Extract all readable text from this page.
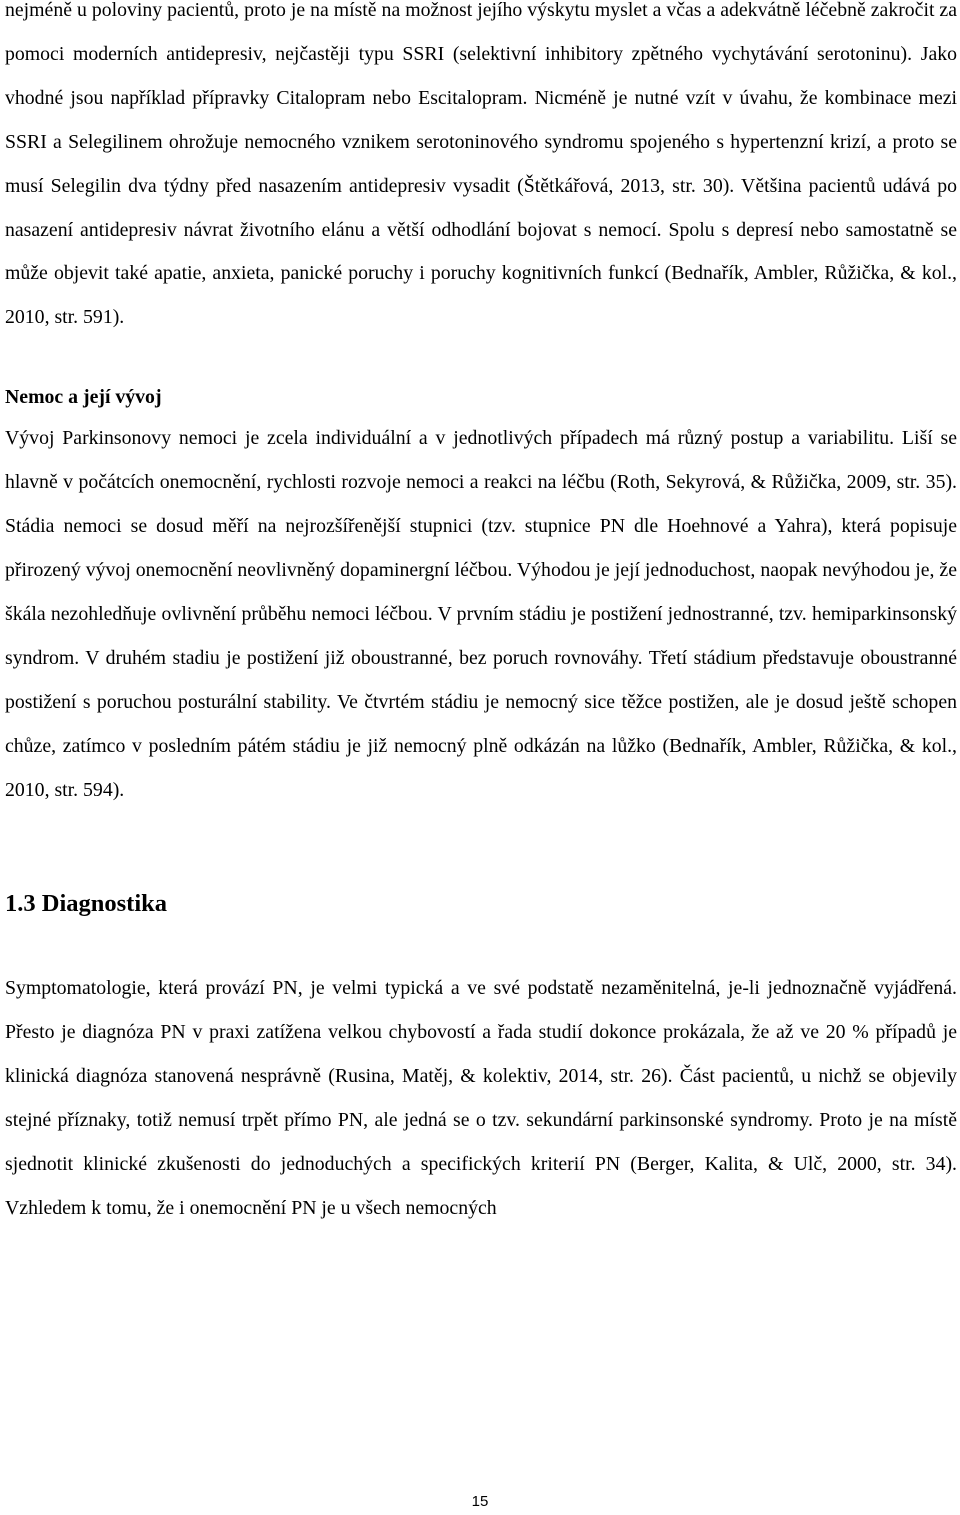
nejméně u poloviny pacientů, proto je na místě na možnost jejího výskytu myslet a včas a adekvátně léčebně zakročit za pomoci moderních antidepresiv, nejčastěji typu SSRI (selektivní inhibitory zpětného vychytávání serotoninu). Jako vhodné jsou například přípravky Citalopram nebo Escitalopram. Nicméně je nutné vzít v úvahu, že kombinace mezi SSRI a Selegilinem ohrožuje nemocného vznikem serotoninového syndromu spojeného s hypertenzní krizí, a proto se musí Selegilin dva týdny před nasazením antidepresiv vysadit (Štětkářová, 2013, str. 30). Většina pacientů udává po nasazení antidepresiv návrat životního elánu a větší odhodlání bojovat s nemocí. Spolu s depresí nebo samostatně se může objevit také apatie, anxieta, panické poruchy i poruchy kognitivních funkcí (Bednařík, Ambler, Růžička, & kol., 2010, str. 591).

Nemoc a její vývoj

Vývoj Parkinsonovy nemoci je zcela individuální a v jednotlivých případech má různý postup a variabilitu. Liší se hlavně v počátcích onemocnění, rychlosti rozvoje nemoci a reakci na léčbu (Roth, Sekyrová, & Růžička, 2009, str. 35). Stádia nemoci se dosud měří na nejrozšířenější stupnici (tzv. stupnice PN dle Hoehnové a Yahra), která popisuje přirozený vývoj onemocnění neovlivněný dopaminergní léčbou. Výhodou je její jednoduchost, naopak nevýhodou je, že škála nezohledňuje ovlivnění průběhu nemoci léčbou. V prvním stádiu je postižení jednostranné, tzv. hemiparkinsonský syndrom. V druhém stadiu je postižení již oboustranné, bez poruch rovnováhy. Třetí stádium představuje oboustranné postižení s poruchou posturální stability. Ve čtvrtém stádiu je nemocný sice těžce postižen, ale je dosud ještě schopen chůze, zatímco v posledním pátém stádiu je již nemocný plně odkázán na lůžko (Bednařík, Ambler, Růžička, & kol., 2010, str. 594).

1.3 Diagnostika

Symptomatologie, která provází PN, je velmi typická a ve své podstatě nezaměnitelná, je-li jednoznačně vyjádřená. Přesto je diagnóza PN v praxi zatížena velkou chybovostí a řada studií dokonce prokázala, že až ve 20 % případů je klinická diagnóza stanovená nesprávně (Rusina, Matěj, & kolektiv, 2014, str. 26). Část pacientů, u nichž se objevily stejné příznaky, totiž nemusí trpět přímo PN, ale jedná se o tzv. sekundární parkinsonské syndromy. Proto je na místě sjednotit klinické zkušenosti do jednoduchých a specifických kriterií PN (Berger, Kalita, & Ulč, 2000, str. 34). Vzhledem k tomu, že i onemocnění PN je u všech nemocných

15
